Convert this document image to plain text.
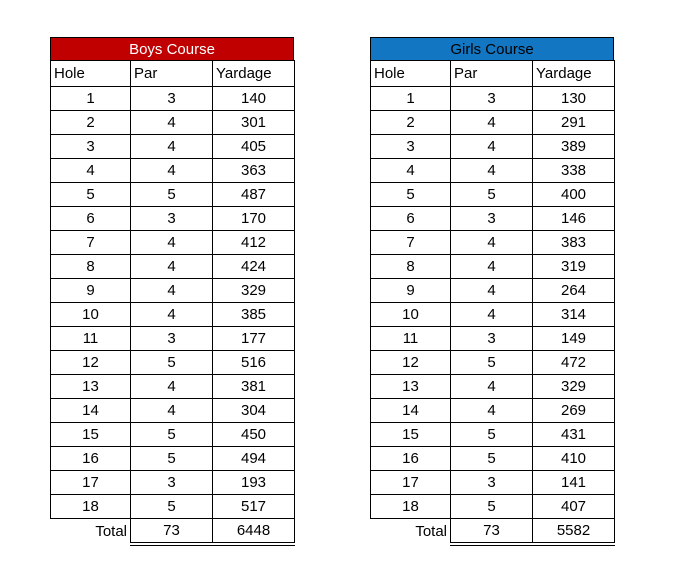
Boys Course
Hole	Par	Yardage
1	3	140
2	4	301
3	4	405
4	4	363
5	5	487
6	3	170
7	4	412
8	4	424
9	4	329
10	4	385
11	3	177
12	5	516
13	4	381
14	4	304
15	5	450
16	5	494
17	3	193
18	5	517
Total	73	6448
Girls Course
Hole	Par	Yardage
1	3	130
2	4	291
3	4	389
4	4	338
5	5	400
6	3	146
7	4	383
8	4	319
9	4	264
10	4	314
11	3	149
12	5	472
13	4	329
14	4	269
15	5	431
16	5	410
17	3	141
18	5	407
Total	73	5582
